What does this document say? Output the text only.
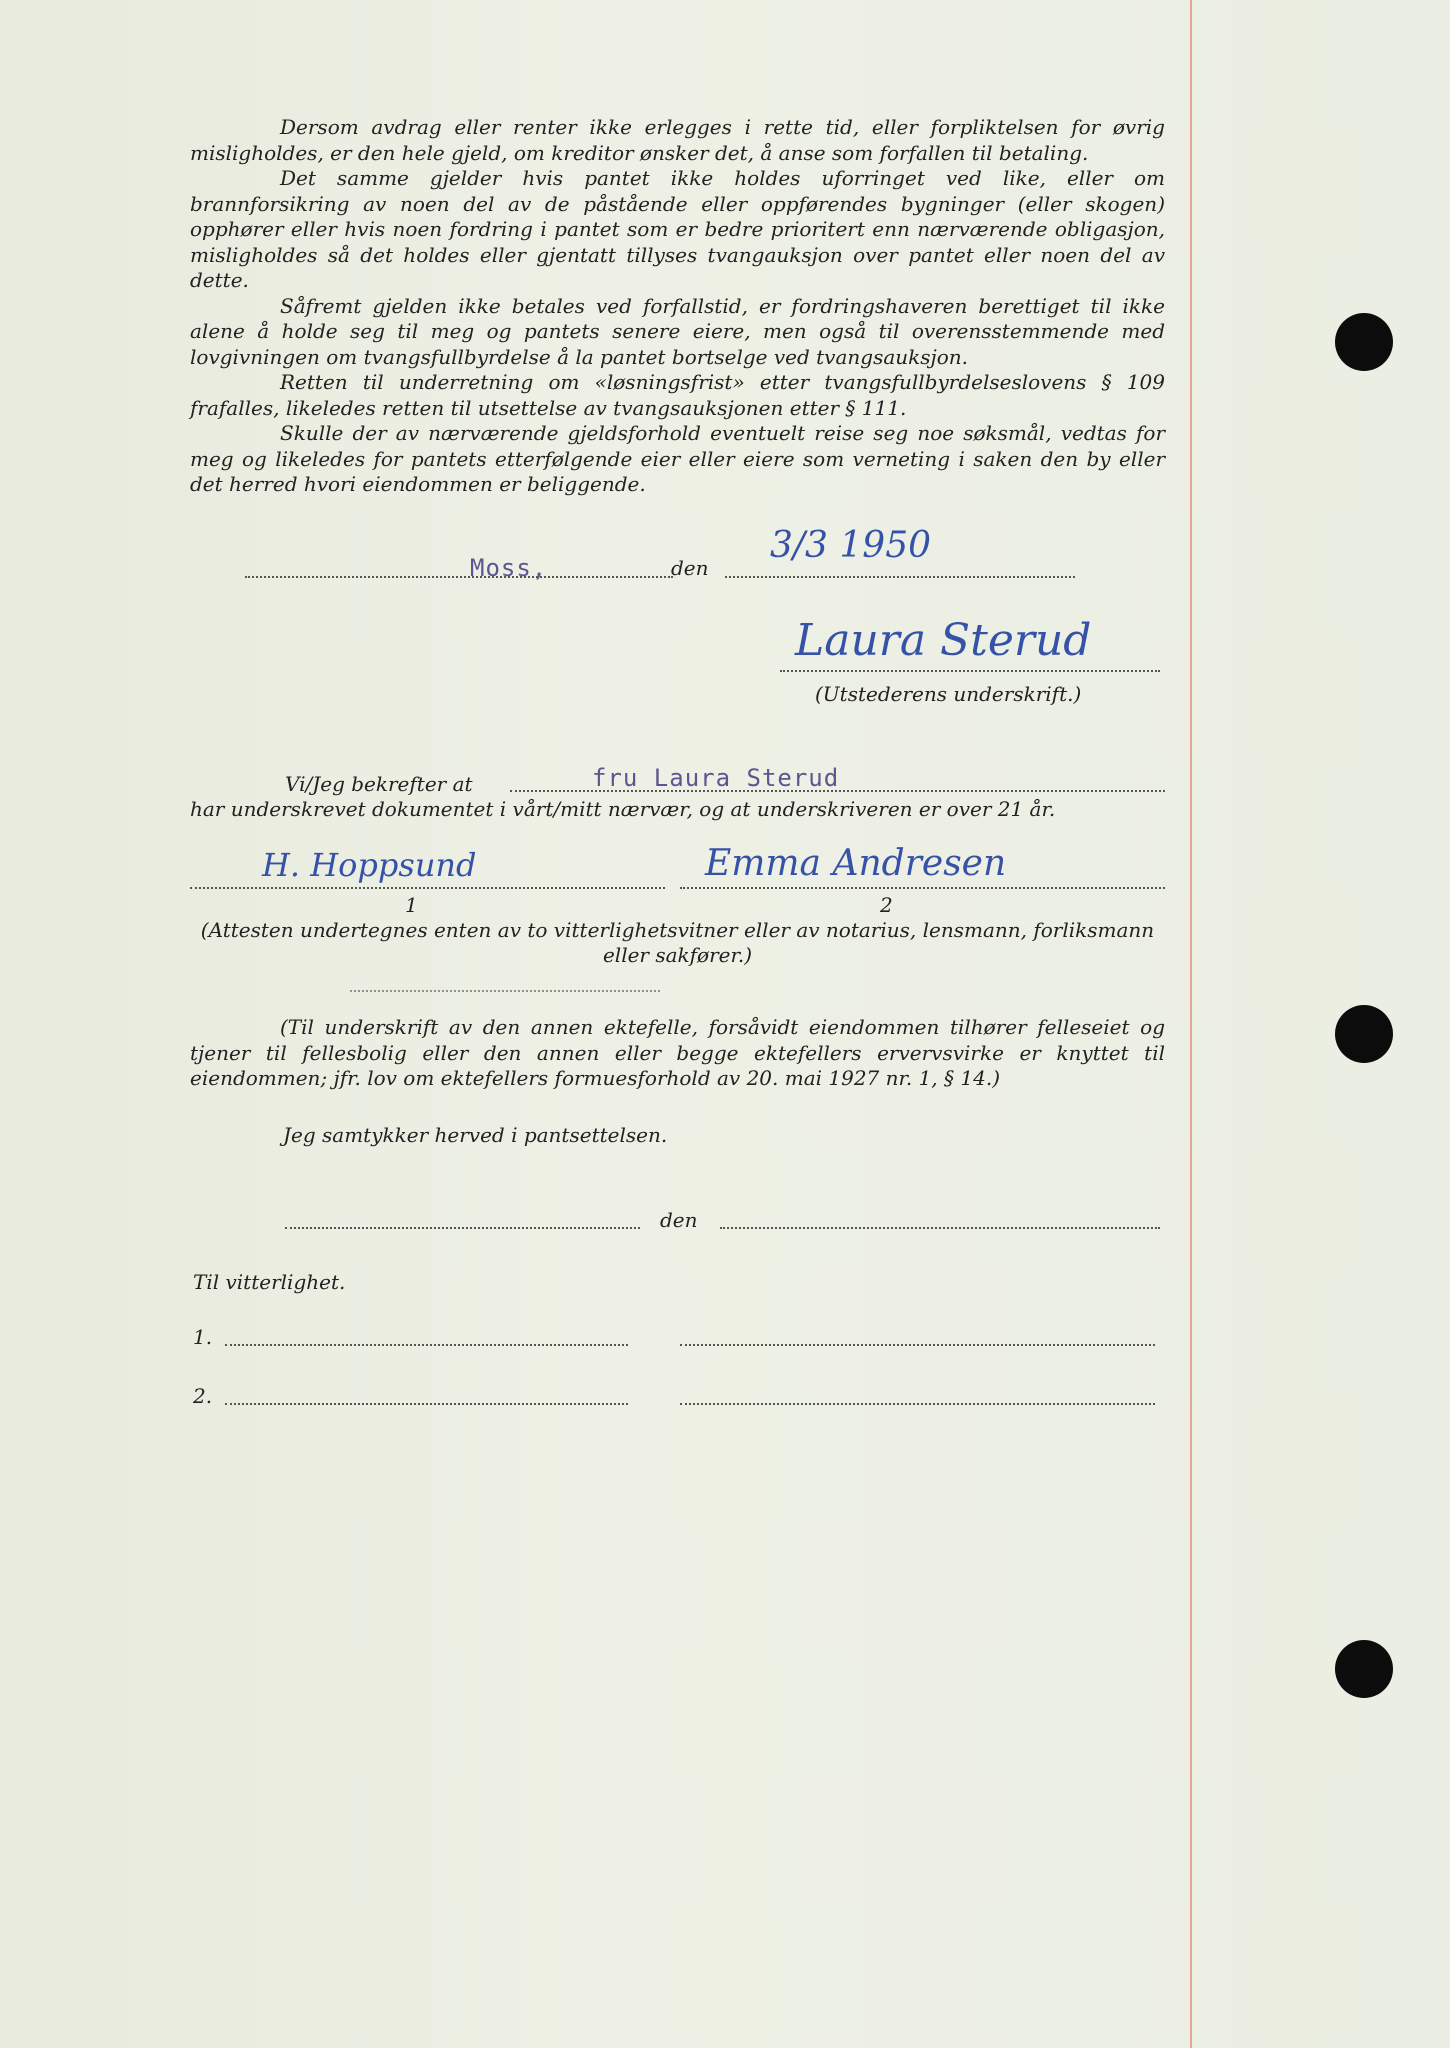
Dersom avdrag eller renter ikke erlegges i rette tid, eller forpliktelsen for øvrig misligholdes, er den hele gjeld, om kreditor ønsker det, å anse som forfallen til betaling.

Det samme gjelder hvis pantet ikke holdes uforringet ved like, eller om brannforsikring av noen del av de påstående eller oppførendes bygninger (eller skogen) opphører eller hvis noen fordring i pantet som er bedre prioritert enn nærværende obligasjon, misligholdes så det holdes eller gjentatt tillyses tvangauksjon over pantet eller noen del av dette.

Såfremt gjelden ikke betales ved forfallstid, er fordringshaveren berettiget til ikke alene å holde seg til meg og pantets senere eiere, men også til overensstemmende med lovgivningen om tvangsfullbyrdelse å la pantet bortselge ved tvangsauksjon.

Retten til underretning om «løsningsfrist» etter tvangsfullbyrdelseslovens § 109 frafalles, likeledes retten til utsettelse av tvangsauksjonen etter § 111.

Skulle der av nærværende gjeldsforhold eventuelt reise seg noe søksmål, vedtas for meg og likeledes for pantets etterfølgende eier eller eiere som verneting i saken den by eller det herred hvori eiendommen er beliggende.

Moss,	den
3/3 1950
Laura Sterud
(Utstederens underskrift.)
Vi/Jeg bekrefter at	fru Laura Sterud
har underskrevet dokumentet i vårt/mitt nærvær, og at underskriveren er over 21 år.
H. Hoppsund	Emma Andresen
1	2
(Attesten undertegnes enten av to vitterlighetsvitner eller av notarius, lensmann, forliksmann eller sakfører.)

(Til underskrift av den annen ektefelle, forsåvidt eiendommen tilhører felleseiet og tjener til fellesbolig eller den annen eller begge ektefellers ervervsvirke er knyttet til eiendommen; jfr. lov om ektefellers formuesforhold av 20. mai 1927 nr. 1, § 14.)

Jeg samtykker herved i pantsettelsen.
den
Til vitterlighet.
1.
2.
